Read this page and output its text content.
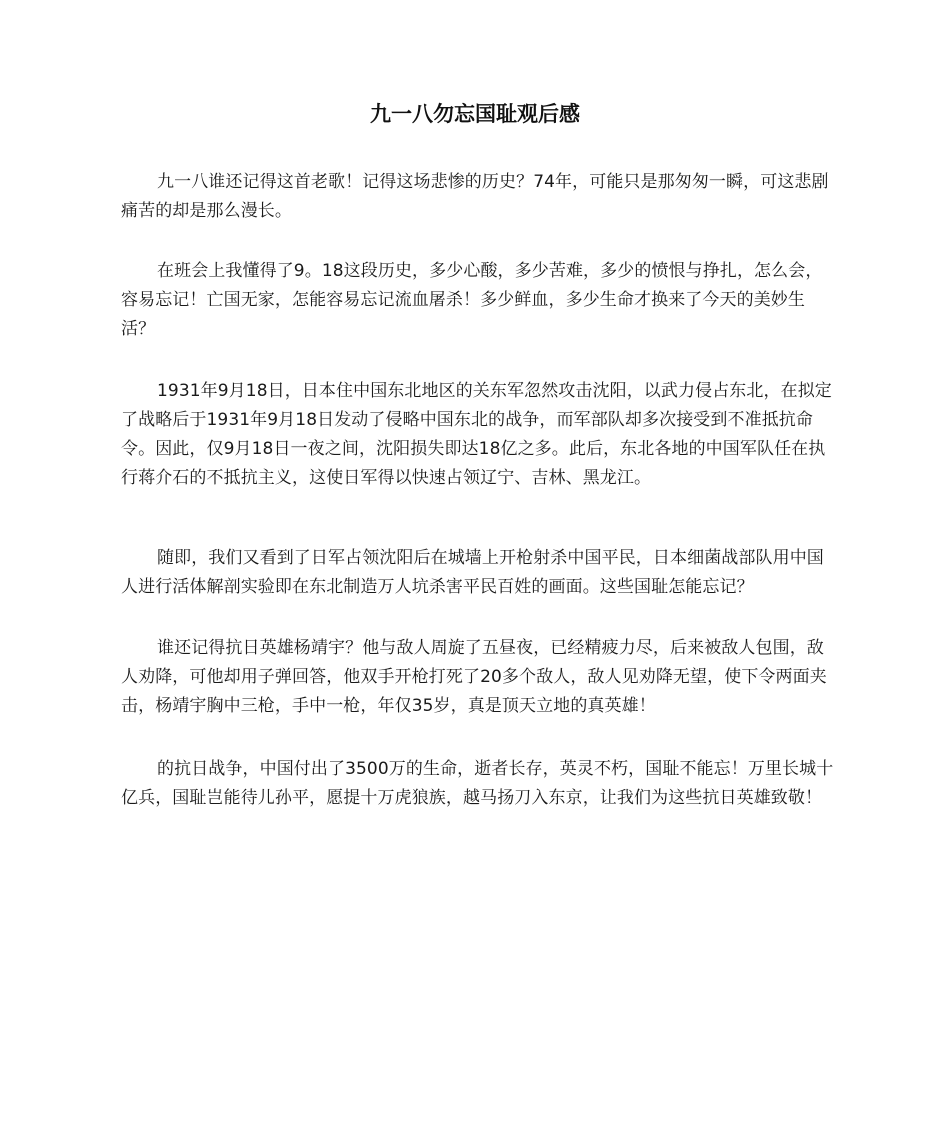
九一八勿忘国耻观后感

九一八谁还记得这首老歌！记得这场悲惨的历史？74年，可能只是那匆匆一瞬，可这悲剧痛苦的却是那么漫长。

在班会上我懂得了9。18这段历史，多少心酸，多少苦难，多少的愤恨与挣扎，怎么会，容易忘记！亡国无家，怎能容易忘记流血屠杀！多少鲜血，多少生命才换来了今天的美妙生活？

1931年9月18日，日本住中国东北地区的关东军忽然攻击沈阳，以武力侵占东北，在拟定了战略后于1931年9月18日发动了侵略中国东北的战争，而军部队却多次接受到不准抵抗命令。因此，仅9月18日一夜之间，沈阳损失即达18亿之多。此后，东北各地的中国军队任在执行蒋介石的不抵抗主义，这使日军得以快速占领辽宁、吉林、黑龙江。

随即，我们又看到了日军占领沈阳后在城墙上开枪射杀中国平民，日本细菌战部队用中国人进行活体解剖实验即在东北制造万人坑杀害平民百姓的画面。这些国耻怎能忘记？

谁还记得抗日英雄杨靖宇？他与敌人周旋了五昼夜，已经精疲力尽，后来被敌人包围，敌人劝降，可他却用子弹回答，他双手开枪打死了20多个敌人，敌人见劝降无望，使下令两面夹击，杨靖宇胸中三枪，手中一枪，年仅35岁，真是顶天立地的真英雄！

的抗日战争，中国付出了3500万的生命，逝者长存，英灵不朽，国耻不能忘！万里长城十亿兵，国耻岂能待儿孙平，愿提十万虎狼族，越马扬刀入东京，让我们为这些抗日英雄致敬！
